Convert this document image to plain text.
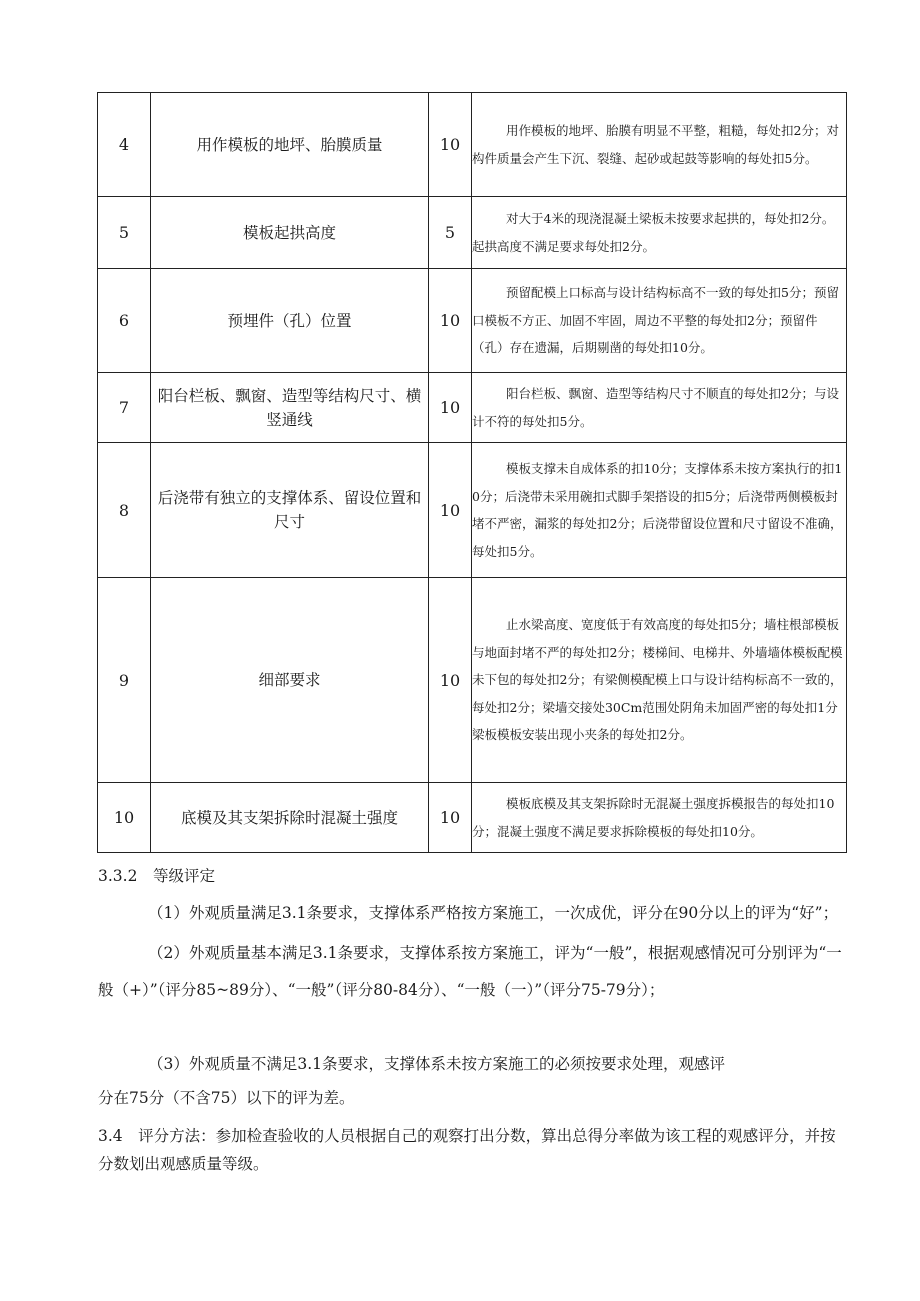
4	用作模板的地坪、胎膜质量	10	用作模板的地坪、胎膜有明显不平整，粗糙，每处扣2分；对构件质量会产生下沉、裂缝、起砂或起鼓等影响的每处扣5分。

5	模板起拱高度	5	对大于4米的现浇混凝土梁板未按要求起拱的，每处扣2分。起拱高度不满足要求每处扣2分。

6	预埋件（孔）位置	10	预留配模上口标高与设计结构标高不一致的每处扣5分；预留口模板不方正、加固不牢固，周边不平整的每处扣2分；预留件（孔）存在遗漏，后期剔凿的每处扣10分。

7	阳台栏板、飘窗、造型等结构尺寸、横竖通线	10	阳台栏板、飘窗、造型等结构尺寸不顺直的每处扣2分；与设计不符的每处扣5分。

8	后浇带有独立的支撑体系、留设位置和尺寸	10	模板支撑未自成体系的扣10分；支撑体系未按方案执行的扣10分；后浇带未采用碗扣式脚手架搭设的扣5分；后浇带两侧模板封堵不严密，漏浆的每处扣2分；后浇带留设位置和尺寸留设不准确，每处扣5分。

9	细部要求	10	止水梁高度、宽度低于有效高度的每处扣5分；墙柱根部模板与地面封堵不严的每处扣2分；楼梯间、电梯井、外墙墙体模板配模未下包的每处扣2分；有梁侧模配模上口与设计结构标高不一致的，每处扣2分；梁墙交接处30Cm范围处阴角未加固严密的每处扣1分 梁板模板安装出现小夹条的每处扣2分。

10	底模及其支架拆除时混凝土强度	10	模板底模及其支架拆除时无混凝土强度拆模报告的每处扣10分；混凝土强度不满足要求拆除模板的每处扣10分。
3.3.2　等级评定
（1）外观质量满足3.1条要求，支撑体系严格按方案施工，一次成优，评分在90分以上的评为“好”；
（2）外观质量基本满足3.1条要求，支撑体系按方案施工，评为“一般”，根据观感情况可分别评为“一般（+）”（评分85~89分）、“一般”（评分80-84分）、“一般（一）”（评分75-79分）；
（3）外观质量不满足3.1条要求，支撑体系未按方案施工的必须按要求处理，观感评
分在75分（不含75）以下的评为差。
3.4　评分方法：参加检查验收的人员根据自己的观察打出分数，算出总得分率做为该工程的观感评分，并按分数划出观感质量等级。
